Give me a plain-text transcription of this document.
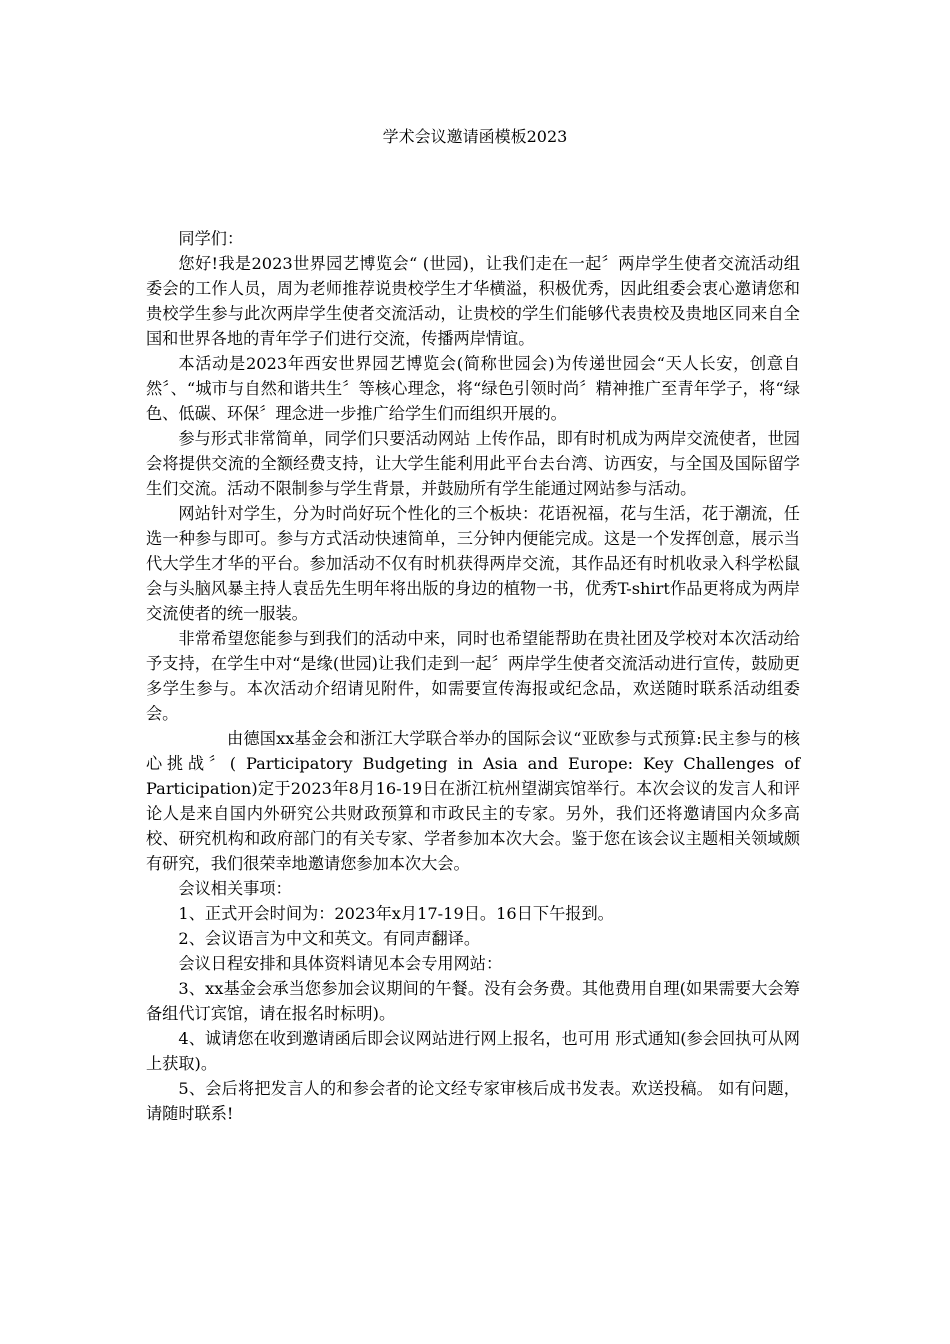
学术会议邀请函模板2023

同学们：

您好!我是2023世界园艺博览会“ (世园)，让我们走在一起〞两岸学生使者交流活动组委会的工作人员，周为老师推荐说贵校学生才华横溢，积极优秀，因此组委会衷心邀请您和贵校学生参与此次两岸学生使者交流活动，让贵校的学生们能够代表贵校及贵地区同来自全国和世界各地的青年学子们进行交流，传播两岸情谊。

本活动是2023年西安世界园艺博览会(简称世园会)为传递世园会“天人长安，创意自然〞、“城市与自然和谐共生〞等核心理念，将“绿色引领时尚〞精神推广至青年学子，将“绿色、低碳、环保〞理念进一步推广给学生们而组织开展的。

参与形式非常简单，同学们只要活动网站 上传作品，即有时机成为两岸交流使者，世园会将提供交流的全额经费支持，让大学生能利用此平台去台湾、访西安，与全国及国际留学生们交流。活动不限制参与学生背景，并鼓励所有学生能通过网站参与活动。

网站针对学生，分为时尚好玩个性化的三个板块：花语祝福，花与生活，花于潮流，任选一种参与即可。参与方式活动快速简单，三分钟内便能完成。这是一个发挥创意，展示当代大学生才华的平台。参加活动不仅有时机获得两岸交流，其作品还有时机收录入科学松鼠会与头脑风暴主持人袁岳先生明年将出版的身边的植物一书，优秀T-shirt作品更将成为两岸交流使者的统一服装。

非常希望您能参与到我们的活动中来，同时也希望能帮助在贵社团及学校对本次活动给予支持，在学生中对“是缘(世园)让我们走到一起〞两岸学生使者交流活动进行宣传，鼓励更多学生参与。本次活动介绍请见附件，如需要宣传海报或纪念品，欢送随时联系活动组委会。

由德国xx基金会和浙江大学联合举办的国际会议“亚欧参与式预算:民主参与的核心挑战〞( Participatory Budgeting in Asia and Europe: Key Challenges of Participation)定于2023年8月16-19日在浙江杭州望湖宾馆举行。本次会议的发言人和评论人是来自国内外研究公共财政预算和市政民主的专家。另外，我们还将邀请国内众多高校、研究机构和政府部门的有关专家、学者参加本次大会。鉴于您在该会议主题相关领域颇有研究，我们很荣幸地邀请您参加本次大会。

会议相关事项：

1、正式开会时间为：2023年x月17-19日。16日下午报到。

2、会议语言为中文和英文。有同声翻译。

会议日程安排和具体资料请见本会专用网站：

3、xx基金会承当您参加会议期间的午餐。没有会务费。其他费用自理(如果需要大会筹备组代订宾馆，请在报名时标明)。

4、诚请您在收到邀请函后即会议网站进行网上报名，也可用 形式通知(参会回执可从网上获取)。

5、会后将把发言人的和参会者的论文经专家审核后成书发表。欢送投稿。 如有问题，请随时联系!
